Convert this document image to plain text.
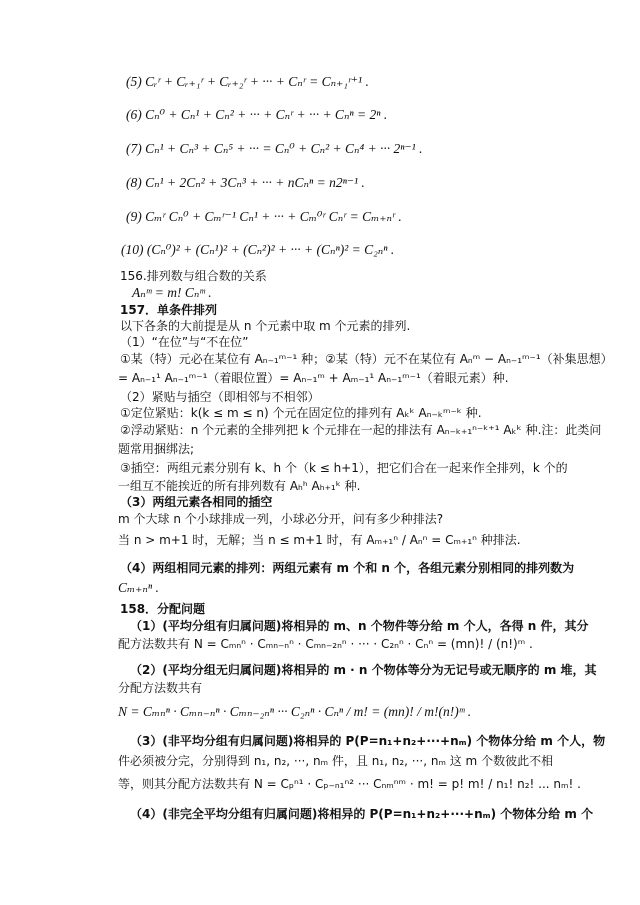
(5) Cᵣʳ + Cᵣ₊₁ʳ + Cᵣ₊₂ʳ + ··· + Cₙʳ = Cₙ₊₁ʳ⁺¹ .
(6) Cₙ⁰ + Cₙ¹ + Cₙ² + ··· + Cₙʳ + ··· + Cₙⁿ = 2ⁿ .
(7) Cₙ¹ + Cₙ³ + Cₙ⁵ + ··· = Cₙ⁰ + Cₙ² + Cₙ⁴ + ··· 2ⁿ⁻¹ .
(8) Cₙ¹ + 2Cₙ² + 3Cₙ³ + ··· + nCₙⁿ = n2ⁿ⁻¹ .
(9) Cₘʳ Cₙ⁰ + Cₘʳ⁻¹ Cₙ¹ + ··· + Cₘ⁰ʳ Cₙʳ = Cₘ₊ₙʳ .
(10) (Cₙ⁰)² + (Cₙ¹)² + (Cₙ²)² + ··· + (Cₙⁿ)² = C₂ₙⁿ .
156.排列数与组合数的关系
Aₙᵐ = m! Cₙᵐ .
157．单条件排列
以下各条的大前提是从 n 个元素中取 m 个元素的排列.
（1）“在位”与“不在位”
①某（特）元必在某位有 Aₙ₋₁ᵐ⁻¹ 种；②某（特）元不在某位有 Aₙᵐ − Aₙ₋₁ᵐ⁻¹（补集思想）
= Aₙ₋₁¹ Aₙ₋₁ᵐ⁻¹（着眼位置）= Aₙ₋₁ᵐ + Aₘ₋₁¹ Aₙ₋₁ᵐ⁻¹（着眼元素）种.
（2）紧贴与插空（即相邻与不相邻）
①定位紧贴：k(k ≤ m ≤ n) 个元在固定位的排列有 Aₖᵏ Aₙ₋ₖᵐ⁻ᵏ 种.
②浮动紧贴：n 个元素的全排列把 k 个元排在一起的排法有 Aₙ₋ₖ₊₁ⁿ⁻ᵏ⁺¹ Aₖᵏ 种.注：此类问
题常用捆绑法;
③插空：两组元素分别有 k、h 个（k ≤ h+1），把它们合在一起来作全排列，k 个的
一组互不能挨近的所有排列数有 Aₕʰ Aₕ₊₁ᵏ 种.
（3）两组元素各相同的插空
m 个大球 n 个小球排成一列，小球必分开，问有多少种排法?
当 n > m+1 时，无解；当 n ≤ m+1 时，有 Aₘ₊₁ⁿ / Aₙⁿ = Cₘ₊₁ⁿ 种排法.
（4）两组相同元素的排列：两组元素有 m 个和 n 个，各组元素分别相同的排列数为
Cₘ₊ₙⁿ .
158．分配问题
（1）(平均分组有归属问题)将相异的 m、n 个物件等分给 m 个人，各得 n 件，其分
配方法数共有 N = Cₘₙⁿ · Cₘₙ₋ₙⁿ · Cₘₙ₋₂ₙⁿ · ··· · C₂ₙⁿ · Cₙⁿ = (mn)! / (n!)ᵐ .
（2）(平均分组无归属问题)将相异的 m · n 个物体等分为无记号或无顺序的 m 堆，其
分配方法数共有
N = Cₘₙⁿ · Cₘₙ₋ₙⁿ · Cₘₙ₋₂ₙⁿ ··· C₂ₙⁿ · Cₙⁿ / m! = (mn)! / m!(n!)ᵐ .
（3）(非平均分组有归属问题)将相异的 P(P=n₁+n₂+···+nₘ) 个物体分给 m 个人，物
件必须被分完，分别得到 n₁, n₂, ···, nₘ 件，且 n₁, n₂, ···, nₘ 这 m 个数彼此不相
等，则其分配方法数共有 N = Cₚⁿ¹ · Cₚ₋ₙ₁ⁿ² ··· Cₙₘⁿᵐ · m! = p! m! / n₁! n₂! ... nₘ! .
（4）(非完全平均分组有归属问题)将相异的 P(P=n₁+n₂+···+nₘ) 个物体分给 m 个
